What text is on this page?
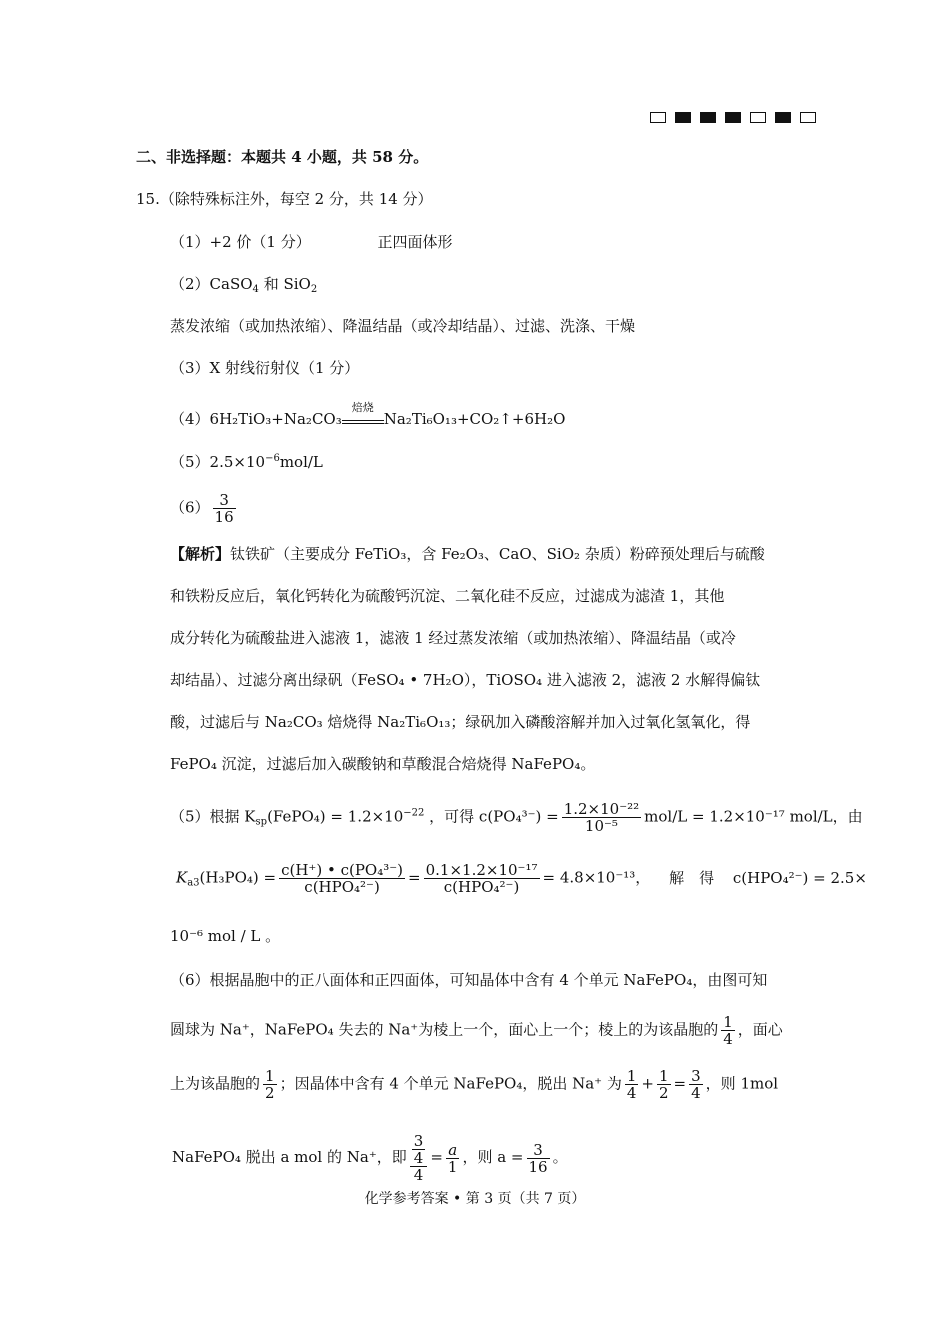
二、非选择题：本题共 4 小题，共 58 分。
15.（除特殊标注外，每空 2 分，共 14 分）
（1）+2 价（1 分）	正四面体形
（2）CaSO$_4$ 和 SiO$_2$
蒸发浓缩（或加热浓缩）、降温结晶（或冷却结晶）、过滤、洗涤、干燥
（3）X 射线衍射仪（1 分）
（4）6H₂TiO₃+Na₂CO₃
焙烧
Na₂Ti₆O₁₃+CO₂↑+6H₂O
$(5)2.5\times 10^{-6}mol/L$
$(6) \frac{3}{16}$
【解析】钛铁矿（主要成分 FeTiO₃，含 Fe₂O₃、CaO、SiO₂ 杂质）粉碎预处理后与硫酸
和铁粉反应后，氧化钙转化为硫酸钙沉淀、二氧化硅不反应，过滤成为滤渣 1，其他
成分转化为硫酸盐进入滤液 1，滤液 1 经过蒸发浓缩（或加热浓缩）、降温结晶（或冷
却结晶）、过滤分离出绿矾（FeSO₄ • 7H₂O），TiOSO₄ 进入滤液 2，滤液 2 水解得偏钛
酸，过滤后与 Na₂CO₃ 焙烧得 Na₂Ti₆O₁₃；绿矾加入磷酸溶解并加入过氧化氢氧化，得
FePO₄ 沉淀，过滤后加入碳酸钠和草酸混合焙烧得 NaFePO₄。
（5）根据 $K_{sp}(FePO_4) = 1.2\times 10^{-22}$ ，可得 $c(PO_4^{3-}) = \frac{\text{1.2×10⁻²²}}{\text{10⁻⁵}} mol/L = 1.2\times 10^{-17}$ mol/L，由
$K_{a3}(H_3PO_4) = \frac{\text{c(H⁺) • c(PO₄³⁻)}}{\text{c(HPO₄²⁻)}} = \frac{\text{0.1×1.2×10⁻¹⁷}}{\text{c(HPO₄²⁻)}} = 4.8\times 10^{-13}$， 解　得 c(HPO₄²⁻) = 2.5×
10⁻⁶ mol / L 。
（6）根据晶胞中的正八面体和正四面体，可知晶体中含有 4 个单元 NaFePO₄，由图可知
圆球为 Na⁺，NaFePO₄ 失去的 Na⁺为棱上一个，面心上一个；棱上的为该晶胞的 $\frac{1}{4}$ ，面心
上为该晶胞的 $\frac{1}{2}$ ；因晶体中含有 4 个单元 NaFePO₄，脱出 Na⁺ 为 $\frac{1}{4} + \frac{1}{2} = \frac{3}{4}$ ，则 1mol
NaFePO₄ 脱出 a mol 的 Na⁺，即 $\frac{\frac{3}{4}}{4} = \frac{a}{1}$ ，则 $a = \frac{3}{16}$ 。
化学参考答案 • 第 3 页（共 7 页）
